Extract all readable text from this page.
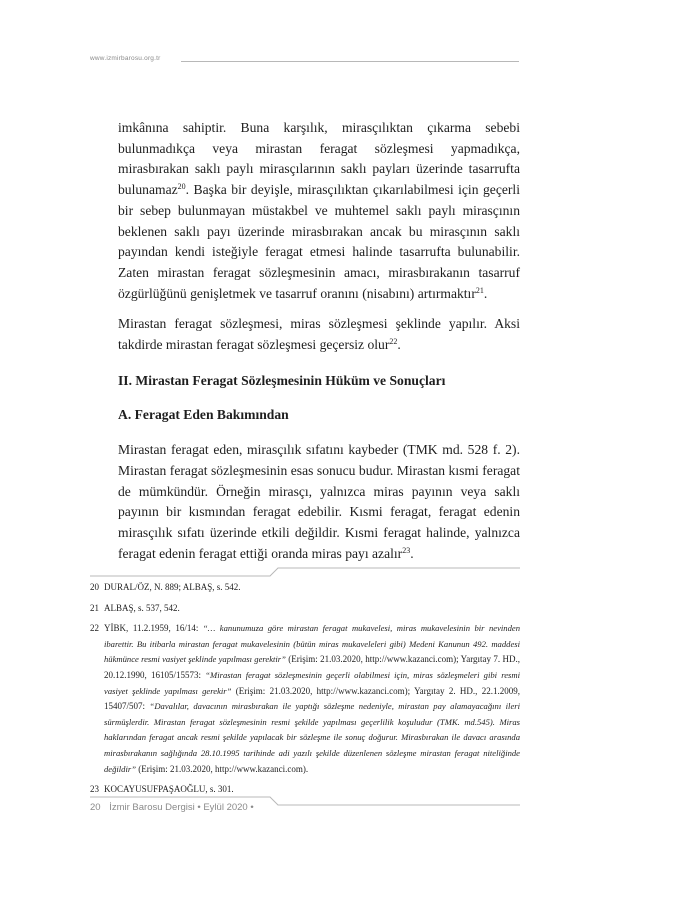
www.izmirbarosu.org.tr

imkânına sahiptir. Buna karşılık, mirasçılıktan çıkarma sebebi bulunmadıkça veya mirastan feragat sözleşmesi yapmadıkça, mirasbırakan saklı paylı mirasçılarının saklı payları üzerinde tasarrufta bulunamaz$^{20}$. Başka bir deyişle, mirasçılıktan çıkarılabilmesi için geçerli bir sebep bulunmayan müstakbel ve muhtemel saklı paylı mirasçının beklenen saklı payı üzerinde mirasbırakan ancak bu mirasçının saklı payından kendi isteğiyle feragat etmesi halinde tasarrufta bulunabilir. Zaten mirastan feragat sözleşmesinin amacı, mirasbırakanın tasarruf özgürlüğünü genişletmek ve tasarruf oranını (nisabını) artırmaktır$^{21}$.

Mirastan feragat sözleşmesi, miras sözleşmesi şeklinde yapılır. Aksi takdirde mirastan feragat sözleşmesi geçersiz olur$^{22}$.

II. Mirastan Feragat Sözleşmesinin Hüküm ve Sonuçları
A. Feragat Eden Bakımından

Mirastan feragat eden, mirasçılık sıfatını kaybeder (TMK md. 528 f. 2). Mirastan feragat sözleşmesinin esas sonucu budur. Mirastan kısmi feragat de mümkündür. Örneğin mirasçı, yalnızca miras payının veya saklı payının bir kısmından feragat edebilir. Kısmi feragat, feragat edenin mirasçılık sıfatı üzerinde etkili değildir. Kısmi feragat halinde, yalnızca feragat edenin feragat ettiği oranda miras payı azalır$^{23}$.

20 DURAL/ÖZ, N. 889; ALBAŞ, s. 542.
21 ALBAŞ, s. 537, 542.
22 YİBK, 11.2.1959, 16/14: “… kanunumuza göre mirastan feragat mukavelesi, miras mukavelesinin bir nevinden ibarettir. Bu itibarla mirastan feragat mukavelesinin (bütün miras mukaveleleri gibi) Medeni Kanunun 492. maddesi hükmünce resmi vasiyet şeklinde yapılması gerektir” (Erişim: 21.03.2020, http://www.kazanci.com); Yargıtay 7. HD., 20.12.1990, 16105/15573: “Mirastan feragat sözleşmesinin geçerli olabilmesi için, miras sözleşmeleri gibi resmi vasiyet şeklinde yapılması gerekir” (Erişim: 21.03.2020, http://www.kazanci.com); Yargıtay 2. HD., 22.1.2009, 15407/507: “Davalılar, davacının mirasbırakan ile yaptığı sözleşme nedeniyle, mirastan pay alamayacağını ileri sürmüşlerdir. Mirastan feragat sözleşmesinin resmi şekilde yapılması geçerlilik koşuludur (TMK. md.545). Miras haklarından feragat ancak resmi şekilde yapılacak bir sözleşme ile sonuç doğurur. Mirasbırakan ile davacı arasında mirasbırakanın sağlığında 28.10.1995 tarihinde adi yazılı şekilde düzenlenen sözleşme mirastan feragat niteliğinde değildir” (Erişim: 21.03.2020, http://www.kazanci.com).
23 KOCAYUSUFPAŞAOĞLU, s. 301.
20 İzmir Barosu Dergisi • Eylül 2020 •
